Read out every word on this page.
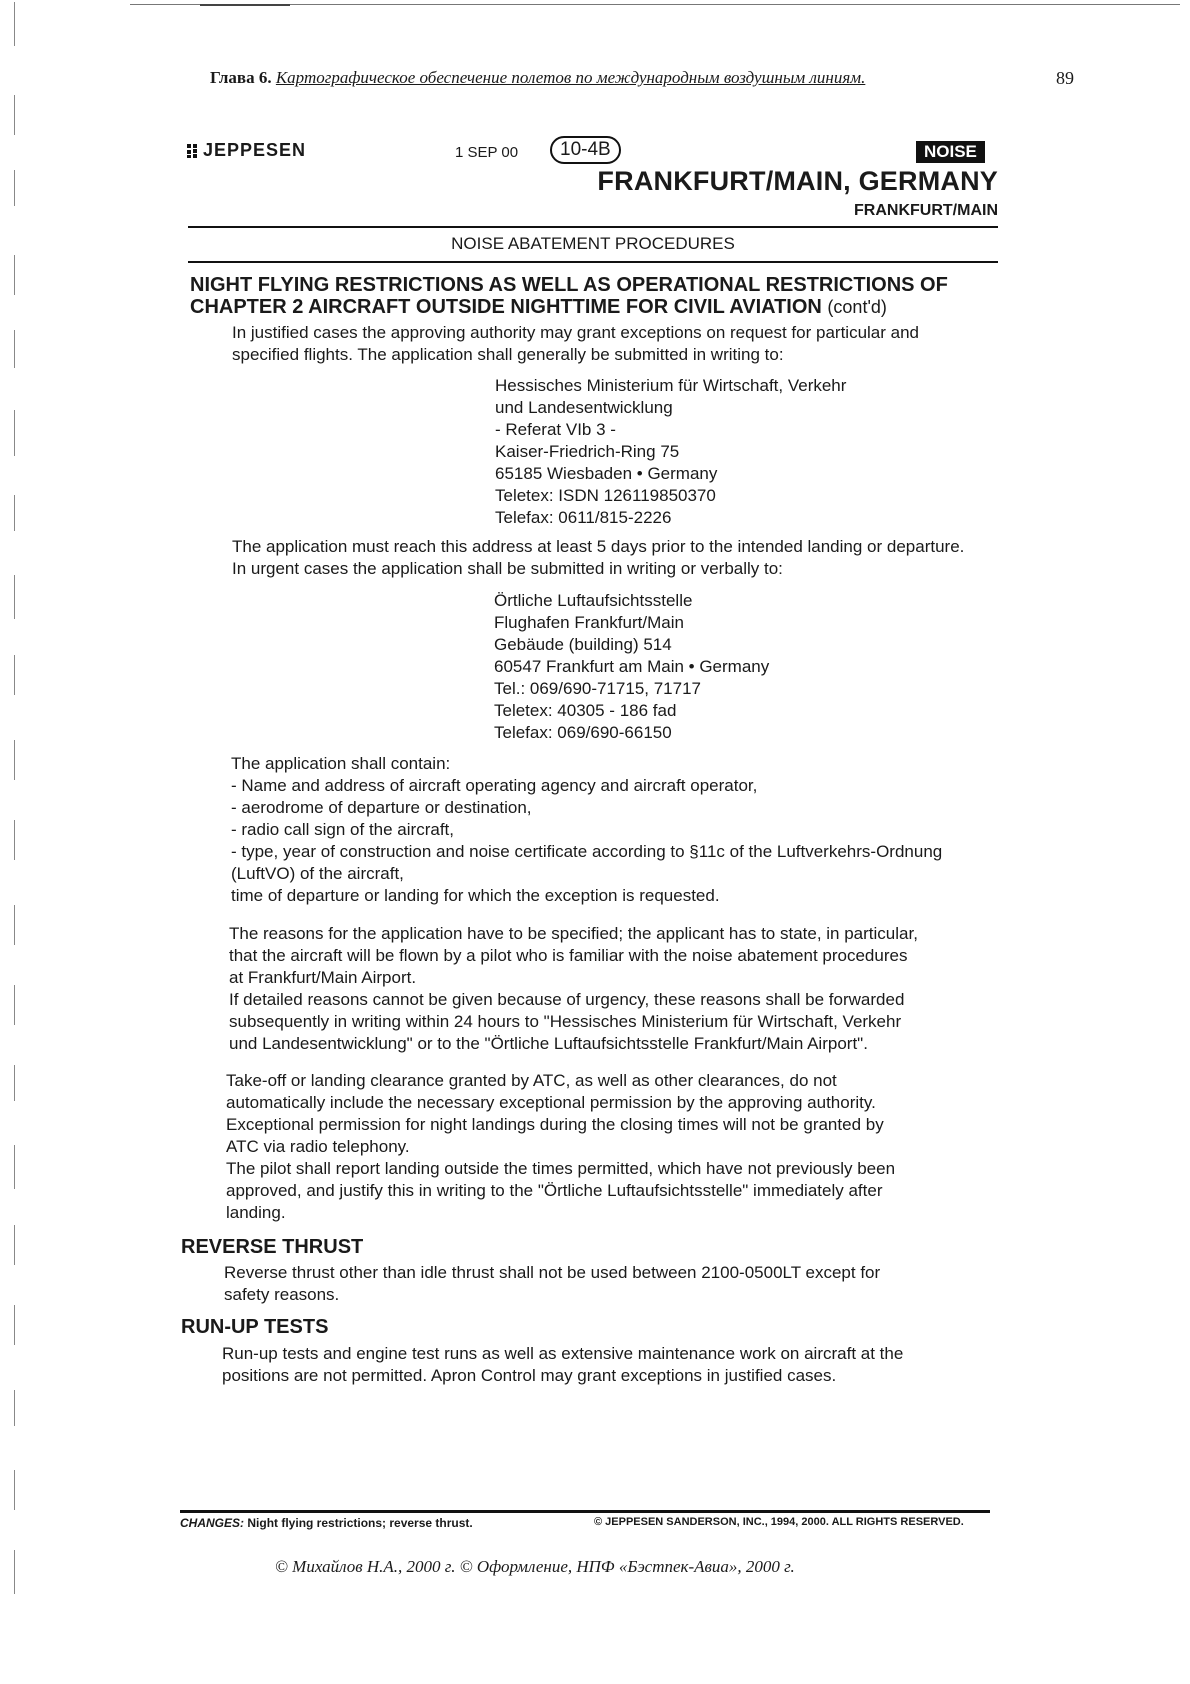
Глава 6. Картографическое обеспечение полетов по международным воздушным линиям.	89
JEPPESEN	1 SEP 00	10-4B	NOISE
FRANKFURT/MAIN, GERMANY
FRANKFURT/MAIN
NOISE ABATEMENT PROCEDURES
NIGHT FLYING RESTRICTIONS AS WELL AS OPERATIONAL RESTRICTIONS OF
CHAPTER 2 AIRCRAFT OUTSIDE NIGHTTIME FOR CIVIL AVIATION (cont'd)
In justified cases the approving authority may grant exceptions on request for particular and
specified flights. The application shall generally be submitted in writing to:
Hessisches Ministerium für Wirtschaft, Verkehr
und Landesentwicklung
- Referat VIb 3 -
Kaiser-Friedrich-Ring 75
65185 Wiesbaden • Germany
Teletex: ISDN 126119850370
Telefax: 0611/815-2226
The application must reach this address at least 5 days prior to the intended landing or departure.
In urgent cases the application shall be submitted in writing or verbally to:
Örtliche Luftaufsichtsstelle
Flughafen Frankfurt/Main
Gebäude (building) 514
60547 Frankfurt am Main • Germany
Tel.: 069/690-71715, 71717
Teletex: 40305 - 186 fad
Telefax: 069/690-66150
The application shall contain:
- Name and address of aircraft operating agency and aircraft operator,
- aerodrome of departure or destination,
- radio call sign of the aircraft,
- type, year of construction and noise certificate according to §11c of the Luftverkehrs-Ordnung
(LuftVO) of the aircraft,
time of departure or landing for which the exception is requested.
The reasons for the application have to be specified; the applicant has to state, in particular,
that the aircraft will be flown by a pilot who is familiar with the noise abatement procedures
at Frankfurt/Main Airport.
If detailed reasons cannot be given because of urgency, these reasons shall be forwarded
subsequently in writing within 24 hours to "Hessisches Ministerium für Wirtschaft, Verkehr
und Landesentwicklung" or to the "Örtliche Luftaufsichtsstelle Frankfurt/Main Airport".
Take-off or landing clearance granted by ATC, as well as other clearances, do not
automatically include the necessary exceptional permission by the approving authority.
Exceptional permission for night landings during the closing times will not be granted by
ATC via radio telephony.
The pilot shall report landing outside the times permitted, which have not previously been
approved, and justify this in writing to the "Örtliche Luftaufsichtsstelle" immediately after
landing.
REVERSE THRUST
Reverse thrust other than idle thrust shall not be used between 2100-0500LT except for
safety reasons.
RUN-UP TESTS
Run-up tests and engine test runs as well as extensive maintenance work on aircraft at the
positions are not permitted. Apron Control may grant exceptions in justified cases.
CHANGES: Night flying restrictions; reverse thrust.	© JEPPESEN SANDERSON, INC., 1994, 2000. ALL RIGHTS RESERVED.
© Михайлов Н.А., 2000 г. © Оформление, НПФ «Бэстпек-Авиа», 2000 г.
